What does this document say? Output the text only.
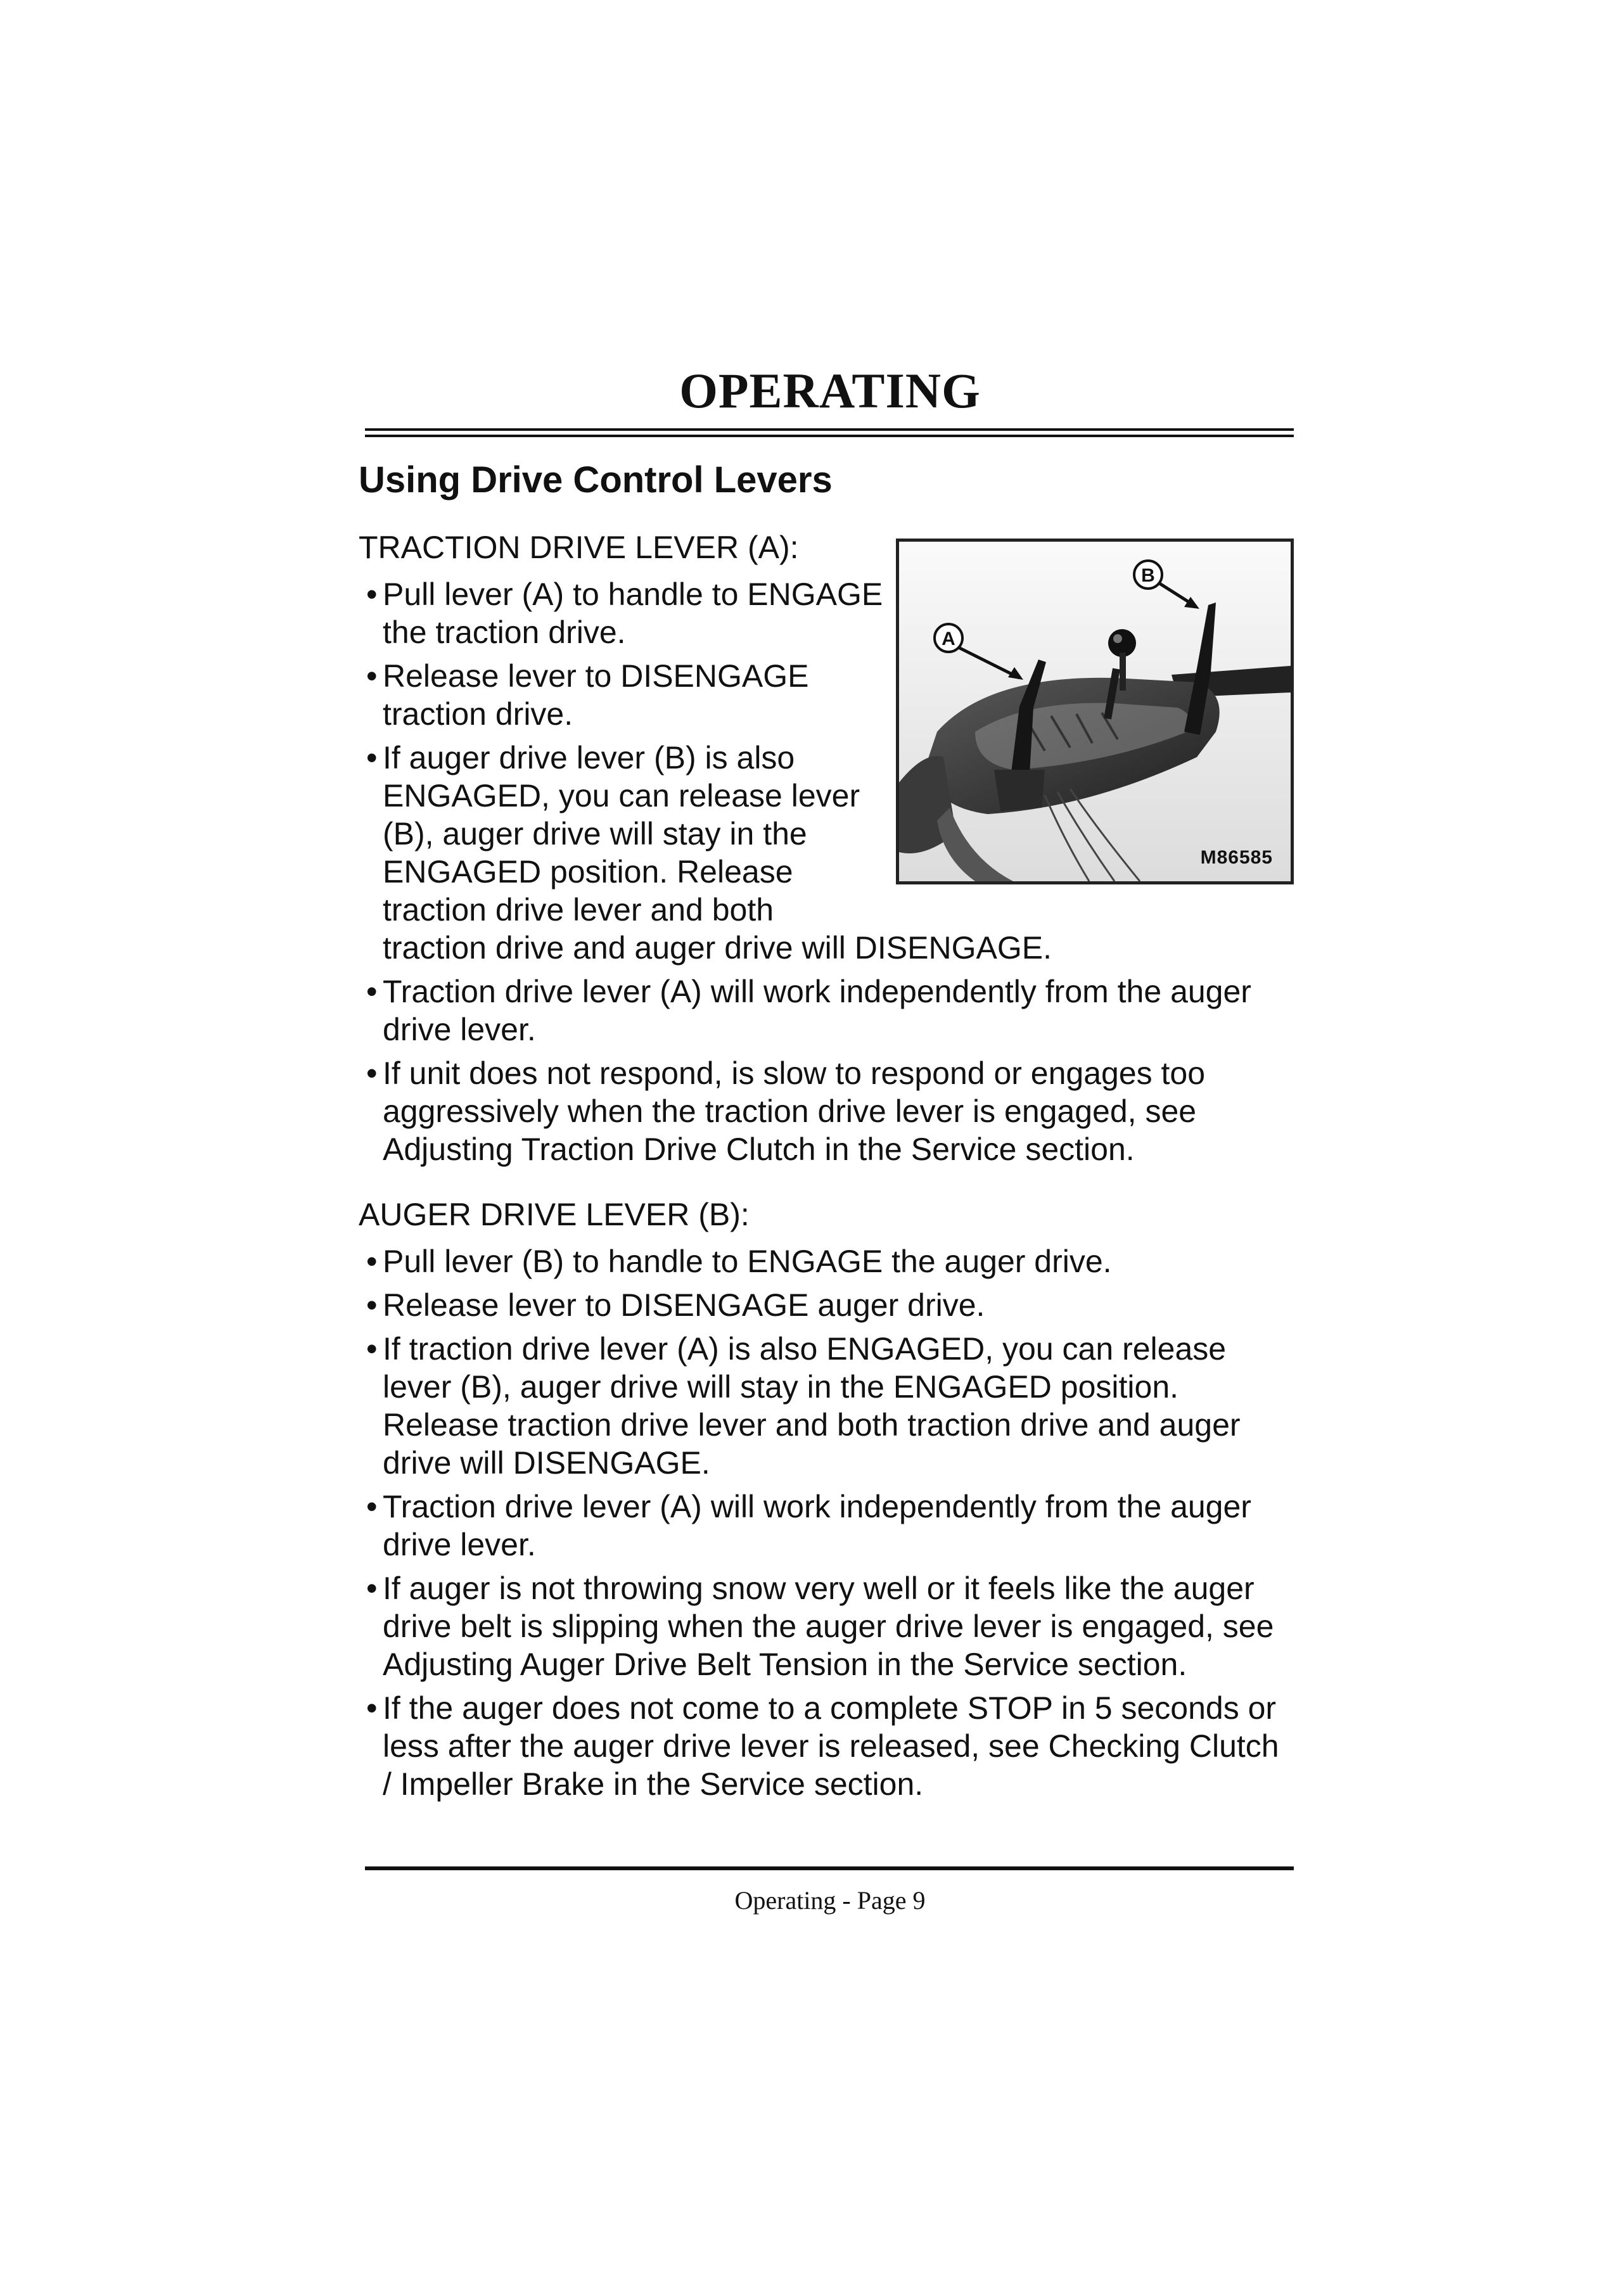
OPERATING
Using Drive Control Levers
A
B
M86585

TRACTION DRIVE LEVER (A):

• Pull lever (A) to handle to ENGAGE the traction drive.
• Release lever to DISENGAGE traction drive.
• If auger drive lever (B) is also ENGAGED, you can release lever (B), auger drive will stay in the ENGAGED position. Release traction drive lever and both traction drive and auger drive will DISENGAGE.
• Traction drive lever (A) will work independently from the auger drive lever.
• If unit does not respond, is slow to respond or engages too aggressively when the traction drive lever is engaged, see Adjusting Traction Drive Clutch in the Service section.

AUGER DRIVE LEVER (B):

• Pull lever (B) to handle to ENGAGE the auger drive.
• Release lever to DISENGAGE auger drive.
• If traction drive lever (A) is also ENGAGED, you can release lever (B), auger drive will stay in the ENGAGED position. Release traction drive lever and both traction drive and auger drive will DISENGAGE.
• Traction drive lever (A) will work independently from the auger drive lever.
• If auger is not throwing snow very well or it feels like the auger drive belt is slipping when the auger drive lever is engaged, see Adjusting Auger Drive Belt Tension in the Service section.
• If the auger does not come to a complete STOP in 5 seconds or less after the auger drive lever is released, see Checking Clutch / Impeller Brake in the Service section.
Operating - Page 9
